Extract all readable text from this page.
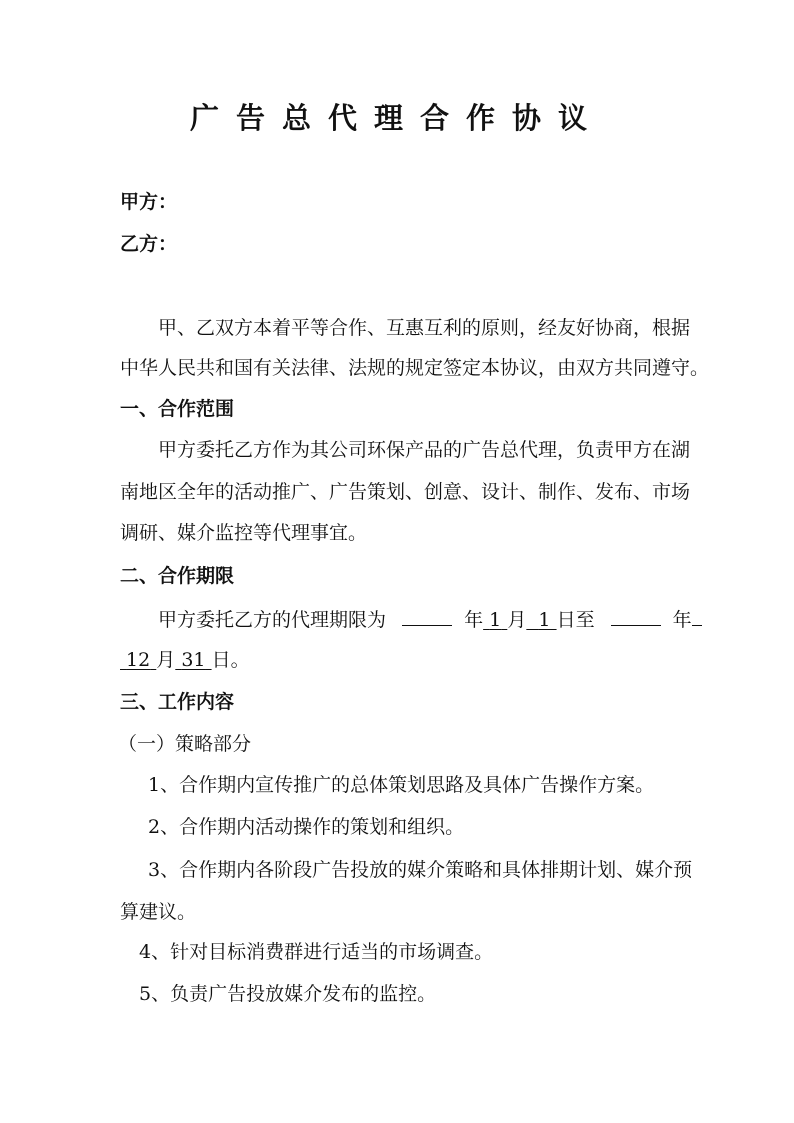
广告总代理合作协议
甲方：
乙方：
甲、乙双方本着平等合作、互惠互利的原则，经友好协商，根据
中华人民共和国有关法律、法规的规定签定本协议，由双方共同遵守。
一、合作范围
甲方委托乙方作为其公司环保产品的广告总代理，负责甲方在湖
南地区全年的活动推广、广告策划、创意、设计、制作、发布、市场
调研、媒介监控等代理事宜。
二、合作期限
甲方委托乙方的代理期限为	年 1 月 1 日至	年
12 月 31 日。
三、工作内容
（一）策略部分
1、合作期内宣传推广的总体策划思路及具体广告操作方案。
2、合作期内活动操作的策划和组织。
3、合作期内各阶段广告投放的媒介策略和具体排期计划、媒介预
算建议。
4、针对目标消费群进行适当的市场调查。
5、负责广告投放媒介发布的监控。
